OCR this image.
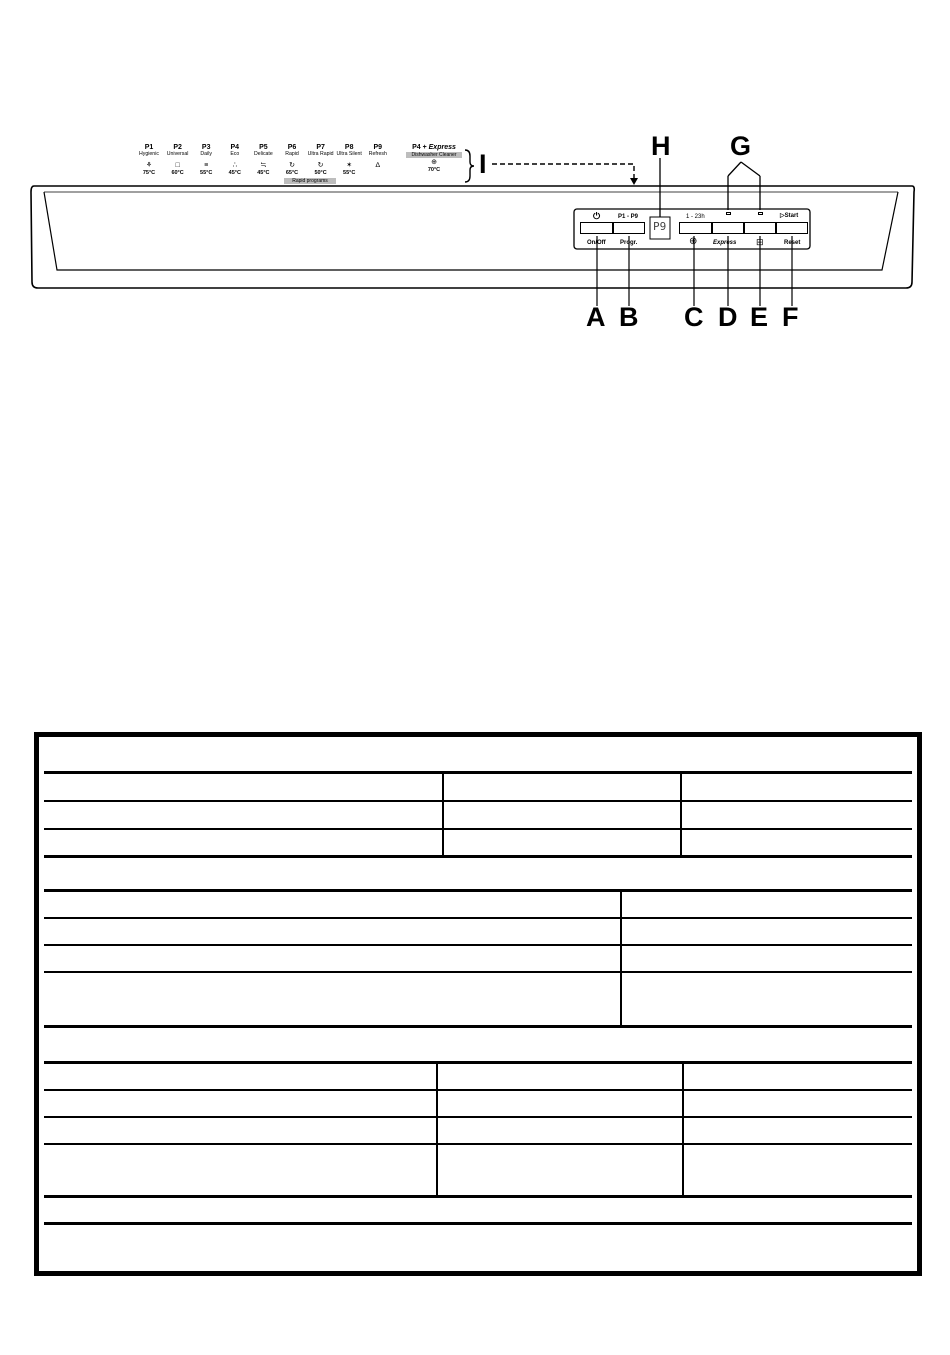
P1
Hygienic
⚘
75°C
P2
Universal
□
60°C
P3
Daily
≡
55°C
P4
Eco
∴
45°C
P5
Delicate
≒
45°C
P6
Rapid
↻
65°C
P7
Ultra Rapid
↻
50°C
P8
Ultra Silent
✶
55°C
P9
Refresh
∆
P4 + Express
Dishwasher Cleaner
⊕
70°C
Rapid programs
H G
I
A B C D E F
⏻	P1 - P9	1 - 23h	▷Start
P9
On/Off Progr.	⊕	Express ⊟	Reset
